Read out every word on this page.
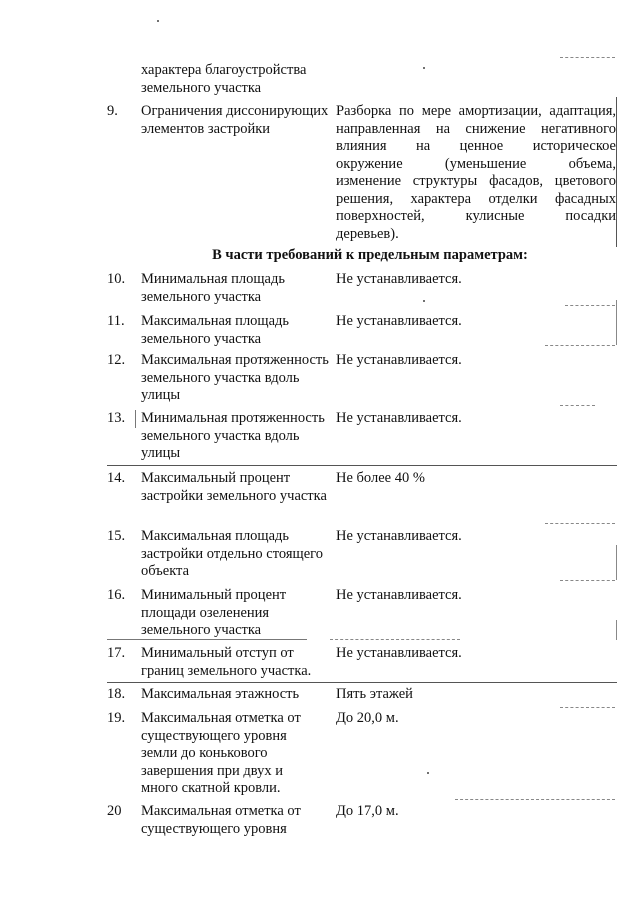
характера благоустройства земельного участка
9. Ограничения диссонирующих элементов застройки
Разборка по мере амортизации, адаптация,
направленная на снижение негативного
влияния на ценное историческое
окружение (уменьшение объема,
изменение структуры фасадов, цветового
решения, характера отделки фасадных
поверхностей, кулисные посадки
деревьев).
В части требований к предельным параметрам:
10. Минимальная площадь земельного участка
Не устанавливается.
11. Максимальная площадь земельного участка
Не устанавливается.
12. Максимальная протяженность земельного участка вдоль улицы
Не устанавливается.
13. Минимальная протяженность земельного участка вдоль улицы
Не устанавливается.
14. Максимальный процент застройки земельного участка
Не более 40 %
15. Максимальная площадь застройки отдельно стоящего объекта
Не устанавливается.
16. Минимальный процент площади озеленения земельного участка
Не устанавливается.
17. Минимальный отступ от границ земельного участка.
Не устанавливается.
18. Максимальная этажность	Пять этажей
19. Максимальная отметка от существующего уровня земли до конькового завершения при двух и много скатной кровли.
До 20,0 м.
20 Максимальная отметка от существующего уровня
До 17,0 м.
